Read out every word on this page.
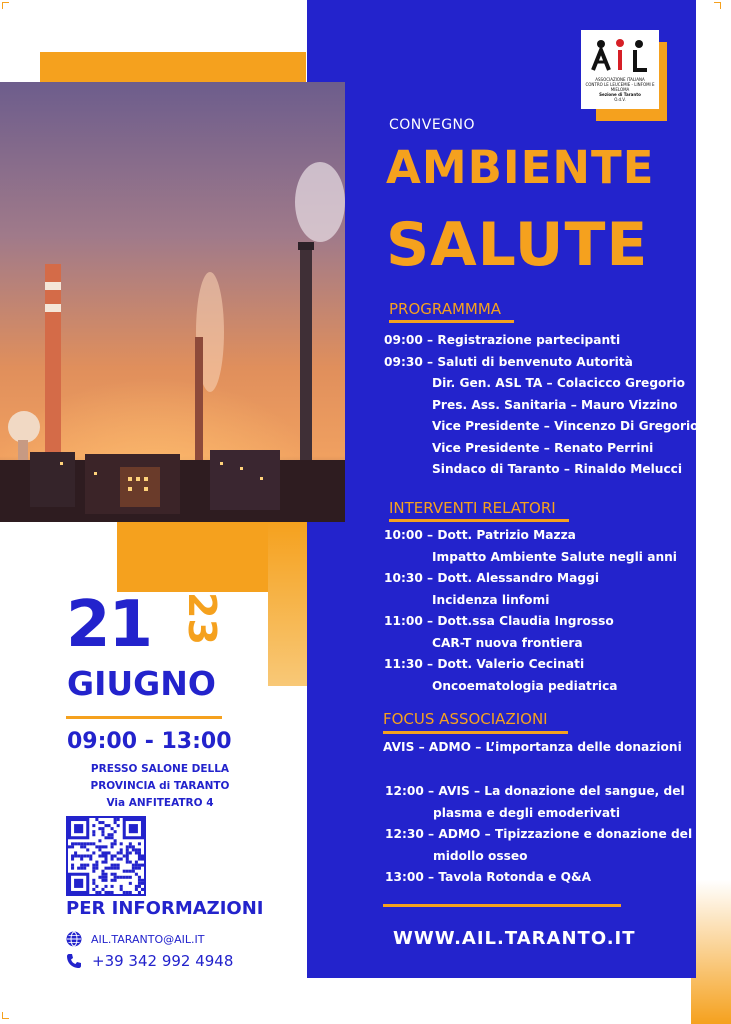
ASSOCIAZIONE ITALIANA
CONTRO LE LEUCEMIE - LINFOMI E MIELOMA
Sezione di Taranto
O.d.V.
CONVEGNO
AMBIENTE
SALUTE
PROGRAMMMA
09:00 – Registrazione partecipanti
09:30 – Saluti di benvenuto Autorità
Dir. Gen. ASL TA – Colacicco Gregorio
Pres. Ass. Sanitaria – Mauro Vizzino
Vice Presidente – Vincenzo Di Gregorio
Vice Presidente – Renato Perrini
Sindaco di Taranto – Rinaldo Melucci
INTERVENTI RELATORI
10:00 – Dott. Patrizio Mazza
Impatto Ambiente Salute negli anni
10:30 – Dott. Alessandro Maggi
Incidenza linfomi
11:00 – Dott.ssa Claudia Ingrosso
CAR-T nuova frontiera
11:30 – Dott. Valerio Cecinati
Oncoematologia pediatrica
FOCUS ASSOCIAZIONI
AVIS – ADMO – L’importanza delle donazioni
12:00 – AVIS – La donazione del sangue, del
plasma e degli emoderivati
12:30 – ADMO – Tipizzazione e donazione del
midollo osseo
13:00 – Tavola Rotonda e Q&A
WWW.AIL.TARANTO.IT
21 23
GIUGNO
09:00 - 13:00
PRESSO SALONE DELLA
PROVINCIA di TARANTO
Via ANFITEATRO 4
PER INFORMAZIONI
AIL.TARANTO@AIL.IT
+39 342 992 4948
